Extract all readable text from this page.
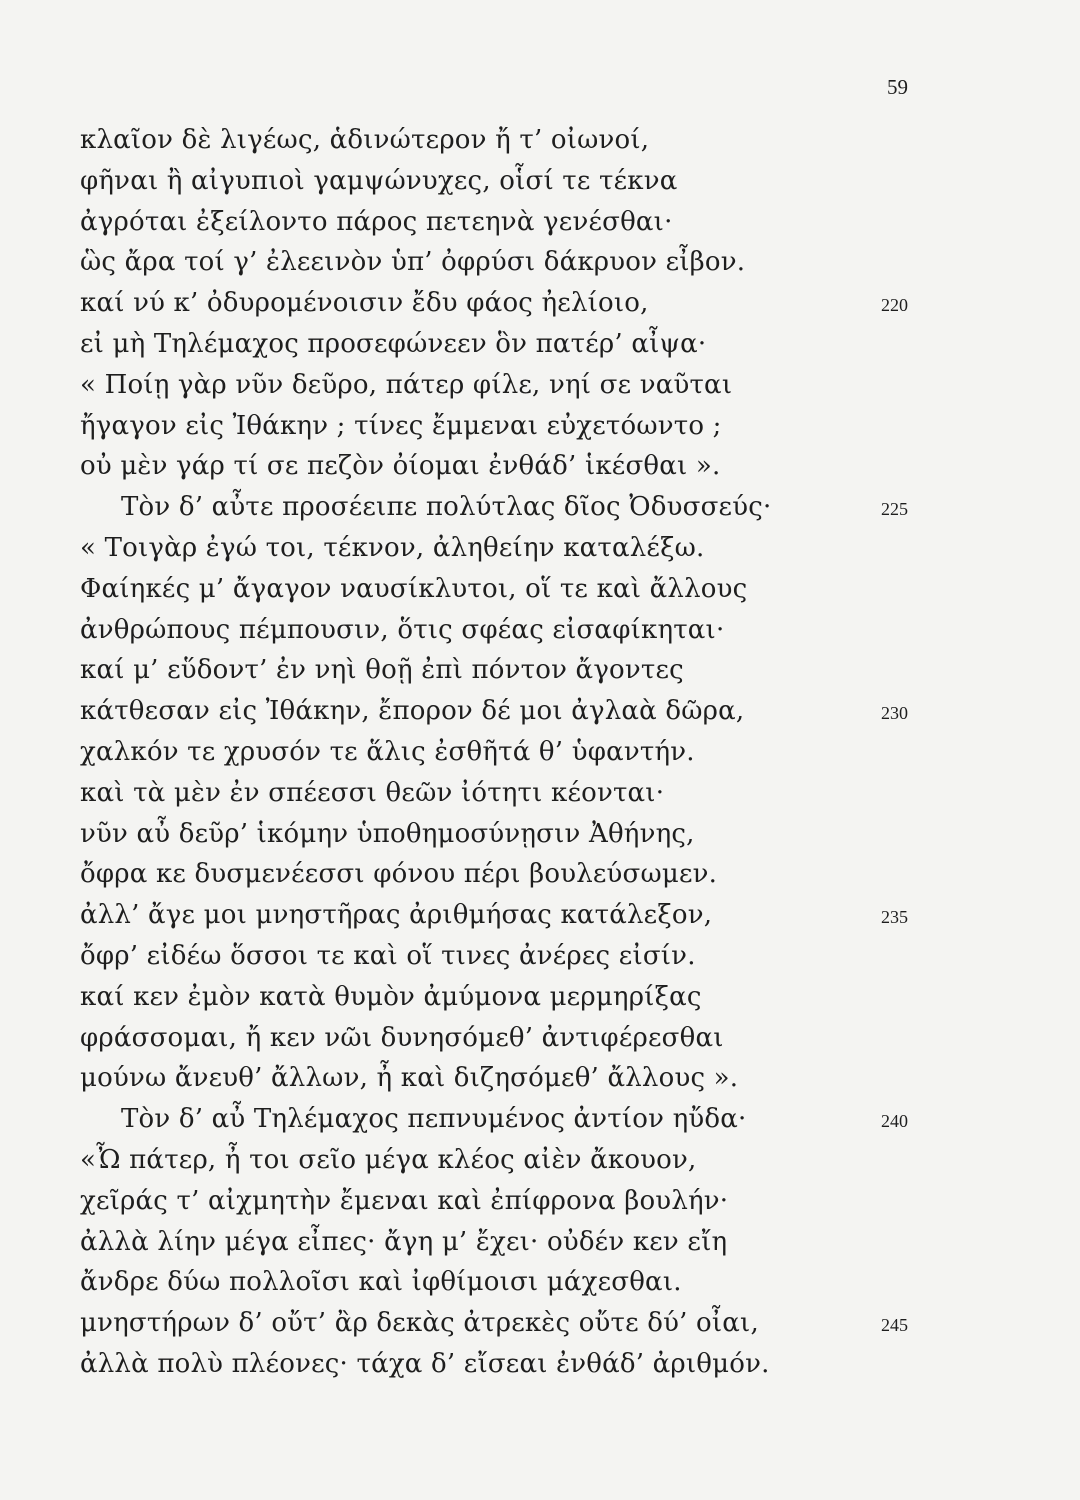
59
κλαῖον δὲ λιγέως, ἁδινώτερον ἤ τ’ οἰωνοί,
φῆναι ἢ αἰγυπιοὶ γαμψώνυχες, οἷσί τε τέκνα
ἀγρόται ἐξείλοντο πάρος πετεηνὰ γενέσθαι·
ὣς ἄρα τοί γ’ ἐλεεινὸν ὑπ’ ὀφρύσι δάκρυον εἶβον.
καί νύ κ’ ὀδυρομένοισιν ἔδυ φάος ἠελίοιο,	220
εἰ μὴ Τηλέμαχος προσεφώνεεν ὃν πατέρ’ αἶψα·
« Ποίῃ γὰρ νῦν δεῦρο, πάτερ φίλε, νηί σε ναῦται
ἤγαγον εἰς Ἰθάκην ; τίνες ἔμμεναι εὐχετόωντο ;
οὐ μὲν γάρ τί σε πεζὸν ὀίομαι ἐνθάδ’ ἱκέσθαι ».
Τὸν δ’ αὖτε προσέειπε πολύτλας δῖος Ὀδυσσεύς·	225
« Τοιγὰρ ἐγώ τοι, τέκνον, ἀληθείην καταλέξω.
Φαίηκές μ’ ἄγαγον ναυσίκλυτοι, οἵ τε καὶ ἄλλους
ἀνθρώπους πέμπουσιν, ὅτις σφέας εἰσαφίκηται·
καί μ’ εὕδοντ’ ἐν νηὶ θοῇ ἐπὶ πόντον ἄγοντες
κάτθεσαν εἰς Ἰθάκην, ἔπορον δέ μοι ἀγλαὰ δῶρα,	230
χαλκόν τε χρυσόν τε ἅλις ἐσθῆτά θ’ ὑφαντήν.
καὶ τὰ μὲν ἐν σπέεσσι θεῶν ἰότητι κέονται·
νῦν αὖ δεῦρ’ ἱκόμην ὑποθημοσύνῃσιν Ἀθήνης,
ὄφρα κε δυσμενέεσσι φόνου πέρι βουλεύσωμεν.
ἀλλ’ ἄγε μοι μνηστῆρας ἀριθμήσας κατάλεξον,	235
ὄφρ’ εἰδέω ὅσσοι τε καὶ οἵ τινες ἀνέρες εἰσίν.
καί κεν ἐμὸν κατὰ θυμὸν ἀμύμονα μερμηρίξας
φράσσομαι, ἤ κεν νῶι δυνησόμεθ’ ἀντιφέρεσθαι
μούνω ἄνευθ’ ἄλλων, ἦ καὶ διζησόμεθ’ ἄλλους ».
Τὸν δ’ αὖ Τηλέμαχος πεπνυμένος ἀντίον ηὔδα·	240
«Ὦ πάτερ, ἦ τοι σεῖο μέγα κλέος αἰὲν ἄκουον,
χεῖράς τ’ αἰχμητὴν ἔμεναι καὶ ἐπίφρονα βουλήν·
ἀλλὰ λίην μέγα εἶπες· ἄγη μ’ ἔχει· οὐδέν κεν εἴη
ἄνδρε δύω πολλοῖσι καὶ ἰφθίμοισι μάχεσθαι.
μνηστήρων δ’ οὔτ’ ἂρ δεκὰς ἀτρεκὲς οὔτε δύ’ οἶαι,	245
ἀλλὰ πολὺ πλέονες· τάχα δ’ εἴσεαι ἐνθάδ’ ἀριθμόν.
